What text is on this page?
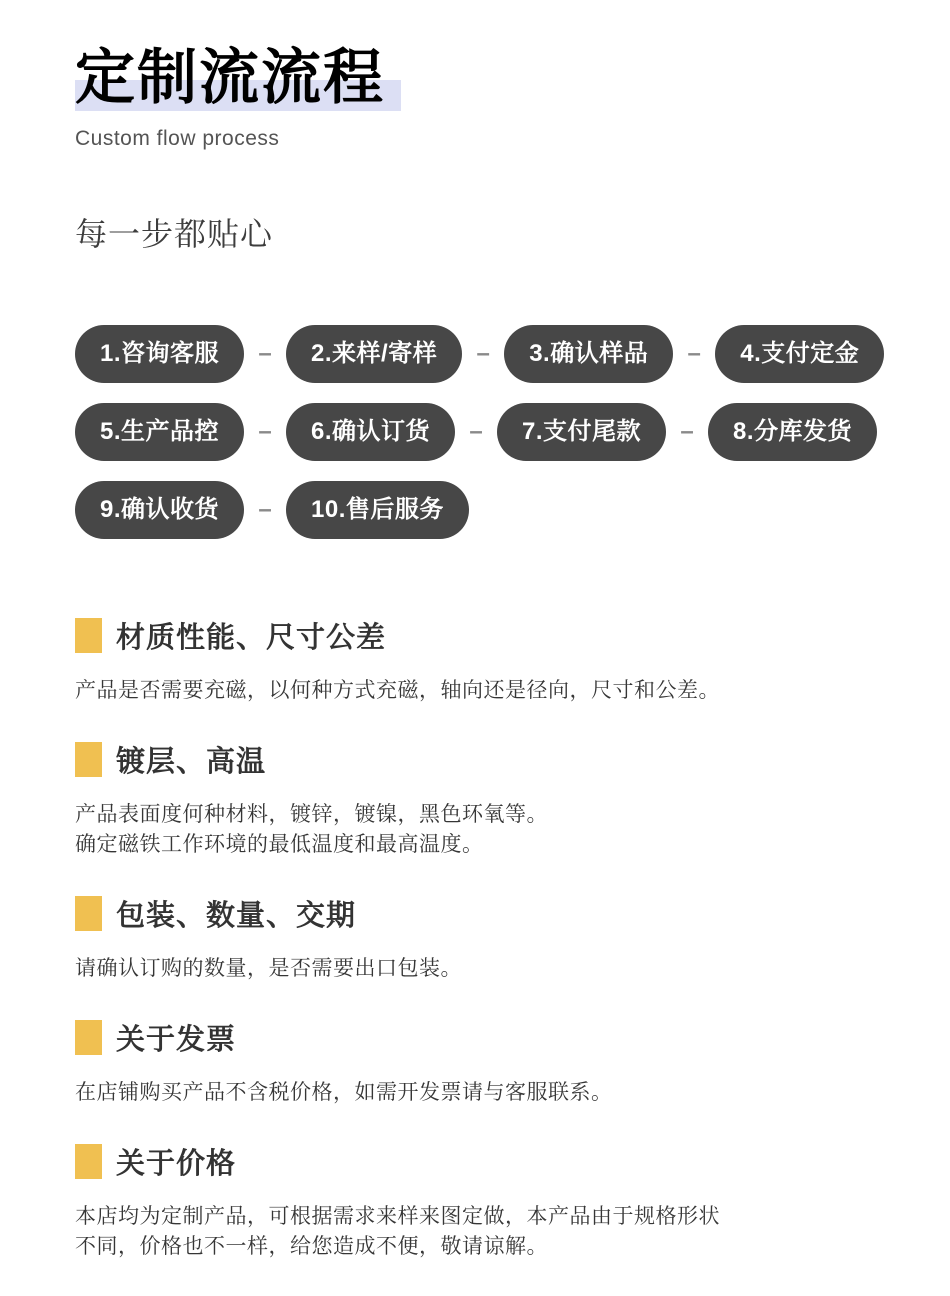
定制流流程
Custom flow process
每一步都贴心
1.咨询客服	–	2.来样/寄样	–	3.确认样品	–	4.支付定金
5.生产品控	–	6.确认订货	–	7.支付尾款	–	8.分库发货
9.确认收货	–	10.售后服务
材质性能、尺寸公差

产品是否需要充磁，以何种方式充磁，轴向还是径向，尺寸和公差。

镀层、高温

产品表面度何种材料，镀锌，镀镍，黑色环氧等。

确定磁铁工作环境的最低温度和最高温度。

包装、数量、交期

请确认订购的数量，是否需要出口包装。

关于发票

在店铺购买产品不含税价格，如需开发票请与客服联系。

关于价格

本店均为定制产品，可根据需求来样来图定做，本产品由于规格形状

不同，价格也不一样，给您造成不便，敬请谅解。
